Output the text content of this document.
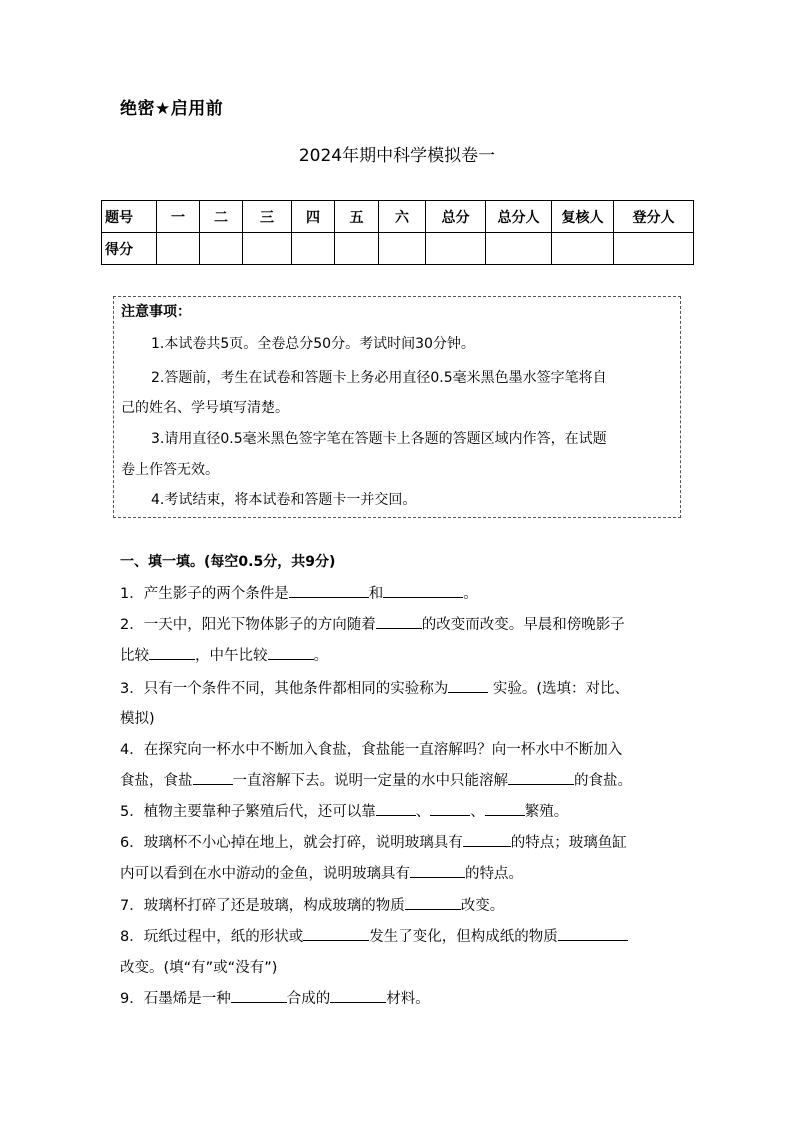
绝密★启用前
2024年期中科学模拟卷一
题号	一	二	三	四	五	六	总分	总分人	复核人	登分人
得分										
注意事项：
1.本试卷共5页。全卷总分50分。考试时间30分钟。
2.答题前，考生在试卷和答题卡上务必用直径0.5毫米黑色墨水签字笔将自
己的姓名、学号填写清楚。
3.请用直径0.5毫米黑色签字笔在答题卡上各题的答题区域内作答，在试题
卷上作答无效。
4.考试结束，将本试卷和答题卡一并交回。
一、填一填。(每空0.5分，共9分)
1．产生影子的两个条件是	和	。
2．一天中，阳光下物体影子的方向随着	的改变而改变。早晨和傍晚影子
比较	，中午比较	。
3．只有一个条件不同，其他条件都相同的实验称为	实验。(选填：对比、
模拟)
4．在探究向一杯水中不断加入食盐，食盐能一直溶解吗？向一杯水中不断加入
食盐，食盐	一直溶解下去。说明一定量的水中只能溶解	的食盐。
5．植物主要靠种子繁殖后代，还可以靠	、	、	繁殖。
6．玻璃杯不小心掉在地上，就会打碎，说明玻璃具有	的特点；玻璃鱼缸
内可以看到在水中游动的金鱼，说明玻璃具有	的特点。
7．玻璃杯打碎了还是玻璃，构成玻璃的物质	改变。
8．玩纸过程中，纸的形状或	发生了变化，但构成纸的物质
改变。(填“有”或“没有”)
9．石墨烯是一种	合成的	材料。
